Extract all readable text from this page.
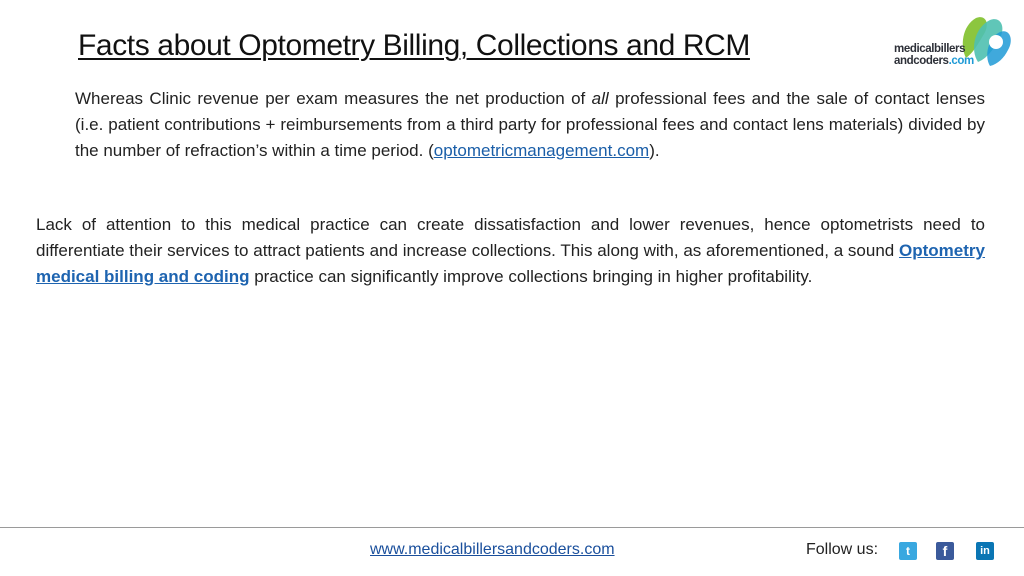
Facts about Optometry Billing, Collections and RCM	medicalbillers
andcoders.com
Whereas Clinic revenue per exam measures the net production of all professional fees and the sale of contact lenses (i.e. patient contributions + reimbursements from a third party for professional fees and contact lens materials) divided by the number of refraction’s within a time period. (optometricmanagement.com).
Lack of attention to this medical practice can create dissatisfaction and lower revenues, hence optometrists need to differentiate their services to attract patients and increase collections. This along with, as aforementioned, a sound Optometry medical billing and coding practice can significantly improve collections bringing in higher profitability.
www.medicalbillersandcoders.com	Follow us:	t	f	in
